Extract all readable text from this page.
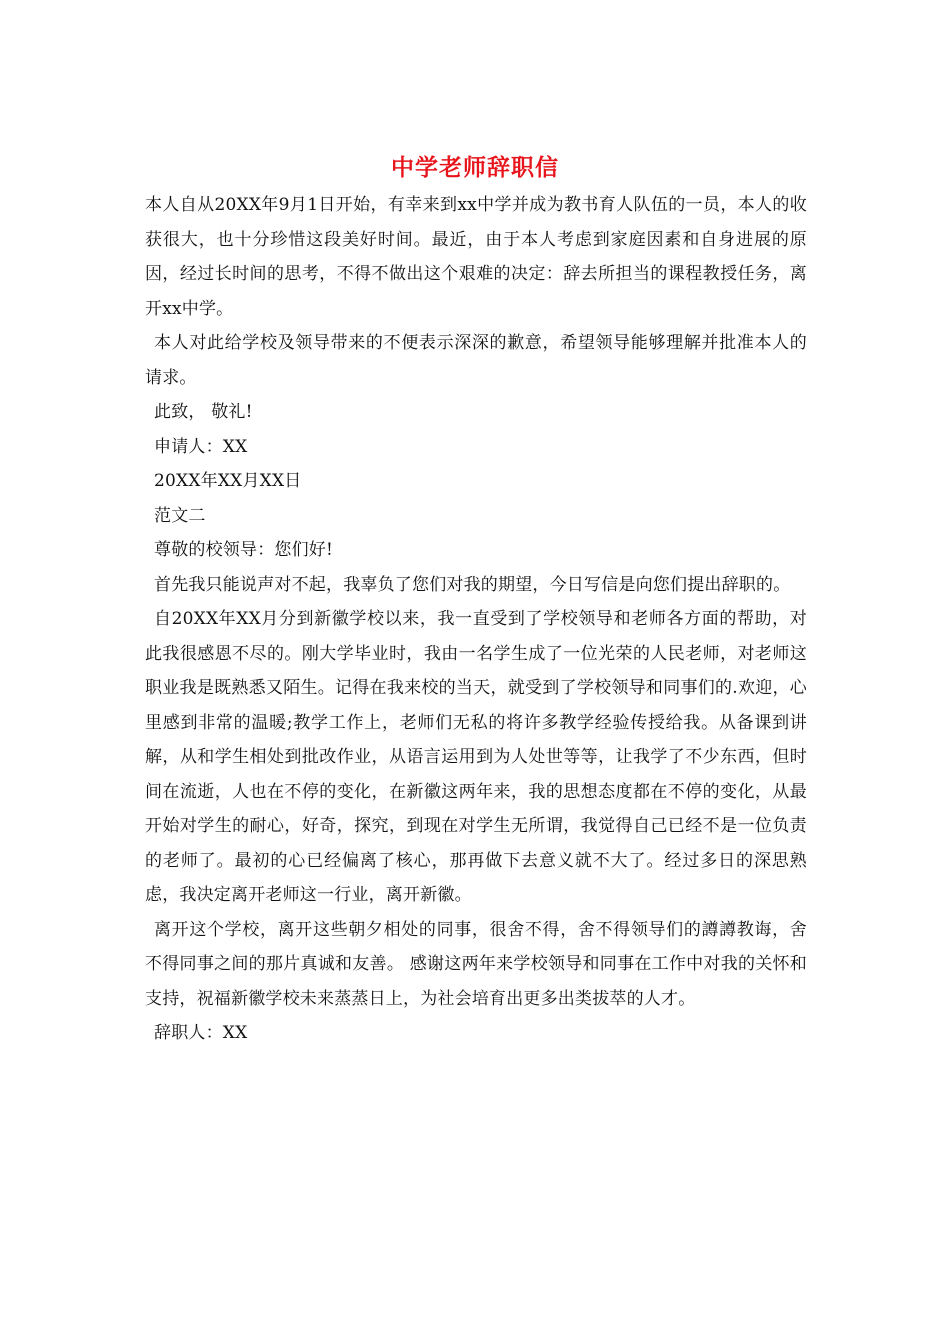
中学老师辞职信

本人自从20XX年9月1日开始，有幸来到xx中学并成为教书育人队伍的一员，本人的收获很大，也十分珍惜这段美好时间。最近，由于本人考虑到家庭因素和自身进展的原因，经过长时间的思考，不得不做出这个艰难的决定：辞去所担当的课程教授任务，离开xx中学。

本人对此给学校及领导带来的不便表示深深的歉意，希望领导能够理解并批准本人的请求。

此致， 敬礼!

申请人：XX

20XX年XX月XX日

范文二

尊敬的校领导：您们好!

首先我只能说声对不起，我辜负了您们对我的期望，今日写信是向您们提出辞职的。

自20XX年XX月分到新徽学校以来，我一直受到了学校领导和老师各方面的帮助，对此我很感恩不尽的。刚大学毕业时，我由一名学生成了一位光荣的人民老师，对老师这职业我是既熟悉又陌生。记得在我来校的当天，就受到了学校领导和同事们的.欢迎，心里感到非常的温暖;教学工作上，老师们无私的将许多教学经验传授给我。从备课到讲解，从和学生相处到批改作业，从语言运用到为人处世等等，让我学了不少东西，但时间在流逝，人也在不停的变化，在新徽这两年来，我的思想态度都在不停的变化，从最开始对学生的耐心，好奇，探究，到现在对学生无所谓，我觉得自己已经不是一位负责的老师了。最初的心已经偏离了核心，那再做下去意义就不大了。经过多日的深思熟虑，我决定离开老师这一行业，离开新徽。

离开这个学校，离开这些朝夕相处的同事，很舍不得，舍不得领导们的譐譐教诲，舍不得同事之间的那片真诚和友善。 感谢这两年来学校领导和同事在工作中对我的关怀和支持，祝福新徽学校未来蒸蒸日上，为社会培育出更多出类拔萃的人才。

辞职人：XX
